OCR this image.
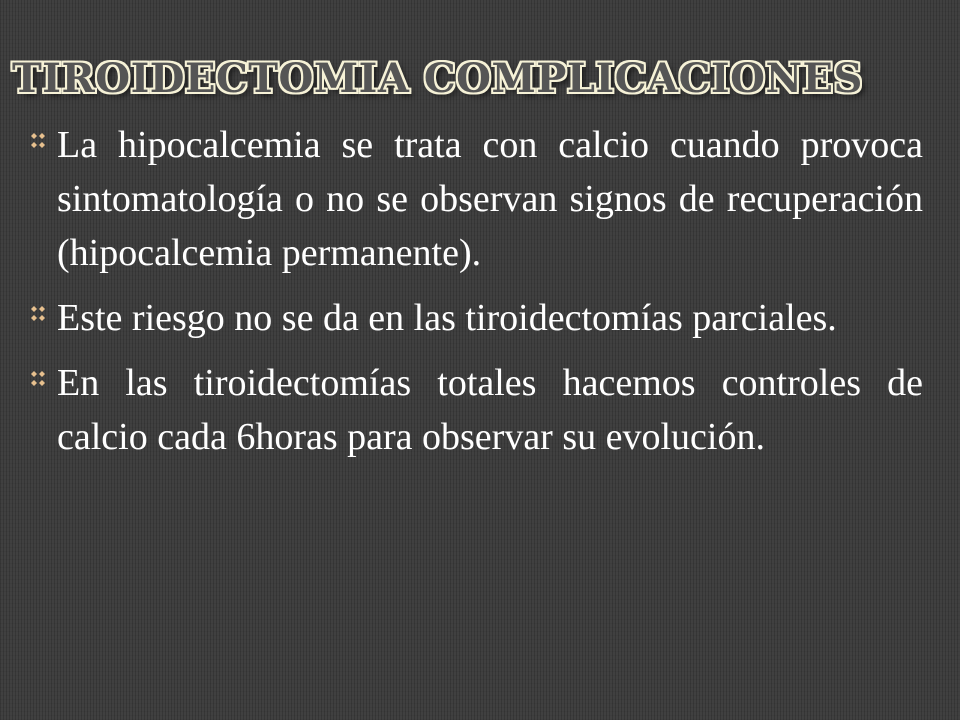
TIROIDECTOMIA COMPLICACIONES

La hipocalcemia se trata con calcio cuando provoca sintomatología o no se observan signos de recuperación (hipocalcemia permanente).

Este riesgo no se da en las tiroidectomías parciales.

En las tiroidectomías totales hacemos controles de calcio cada 6horas para observar su evolución.
